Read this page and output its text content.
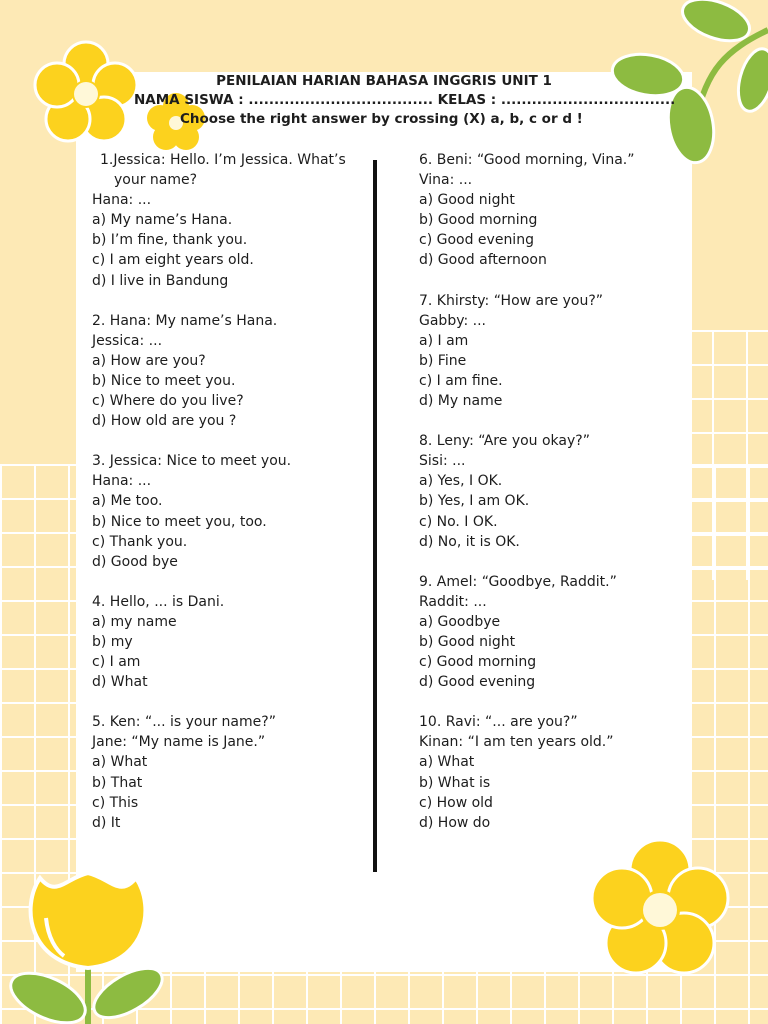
PENILAIAN HARIAN BAHASA INGGRIS UNIT 1
NAMA SISWA : .................................... KELAS : ..................................
Choose the right answer by crossing (X) a, b, c or d !
1.Jessica: Hello. I’m Jessica. What’s
your name?
Hana: ...
a) My name’s Hana.
b) I’m fine, thank you.
c) I am eight years old.
d) I live in Bandung
2. Hana: My name’s Hana.
Jessica: ...
a) How are you?
b) Nice to meet you.
c) Where do you live?
d) How old are you ?
3. Jessica: Nice to meet you.
Hana: ...
a) Me too.
b) Nice to meet you, too.
c) Thank you.
d) Good bye
4. Hello, ... is Dani.
a) my name
b) my
c) I am
d) What
5. Ken: “... is your name?”
Jane: “My name is Jane.”
a) What
b) That
c) This
d) It
6. Beni: “Good morning, Vina.”
Vina: ...
a) Good night
b) Good morning
c) Good evening
d) Good afternoon
7. Khirsty: “How are you?”
Gabby: ...
a) I am
b) Fine
c) I am fine.
d) My name
8. Leny: “Are you okay?”
Sisi: ...
a) Yes, I OK.
b) Yes, I am OK.
c) No. I OK.
d) No, it is OK.
9. Amel: “Goodbye, Raddit.”
Raddit: ...
a) Goodbye
b) Good night
c) Good morning
d) Good evening
10. Ravi: “... are you?”
Kinan: “I am ten years old.”
a) What
b) What is
c) How old
d) How do
